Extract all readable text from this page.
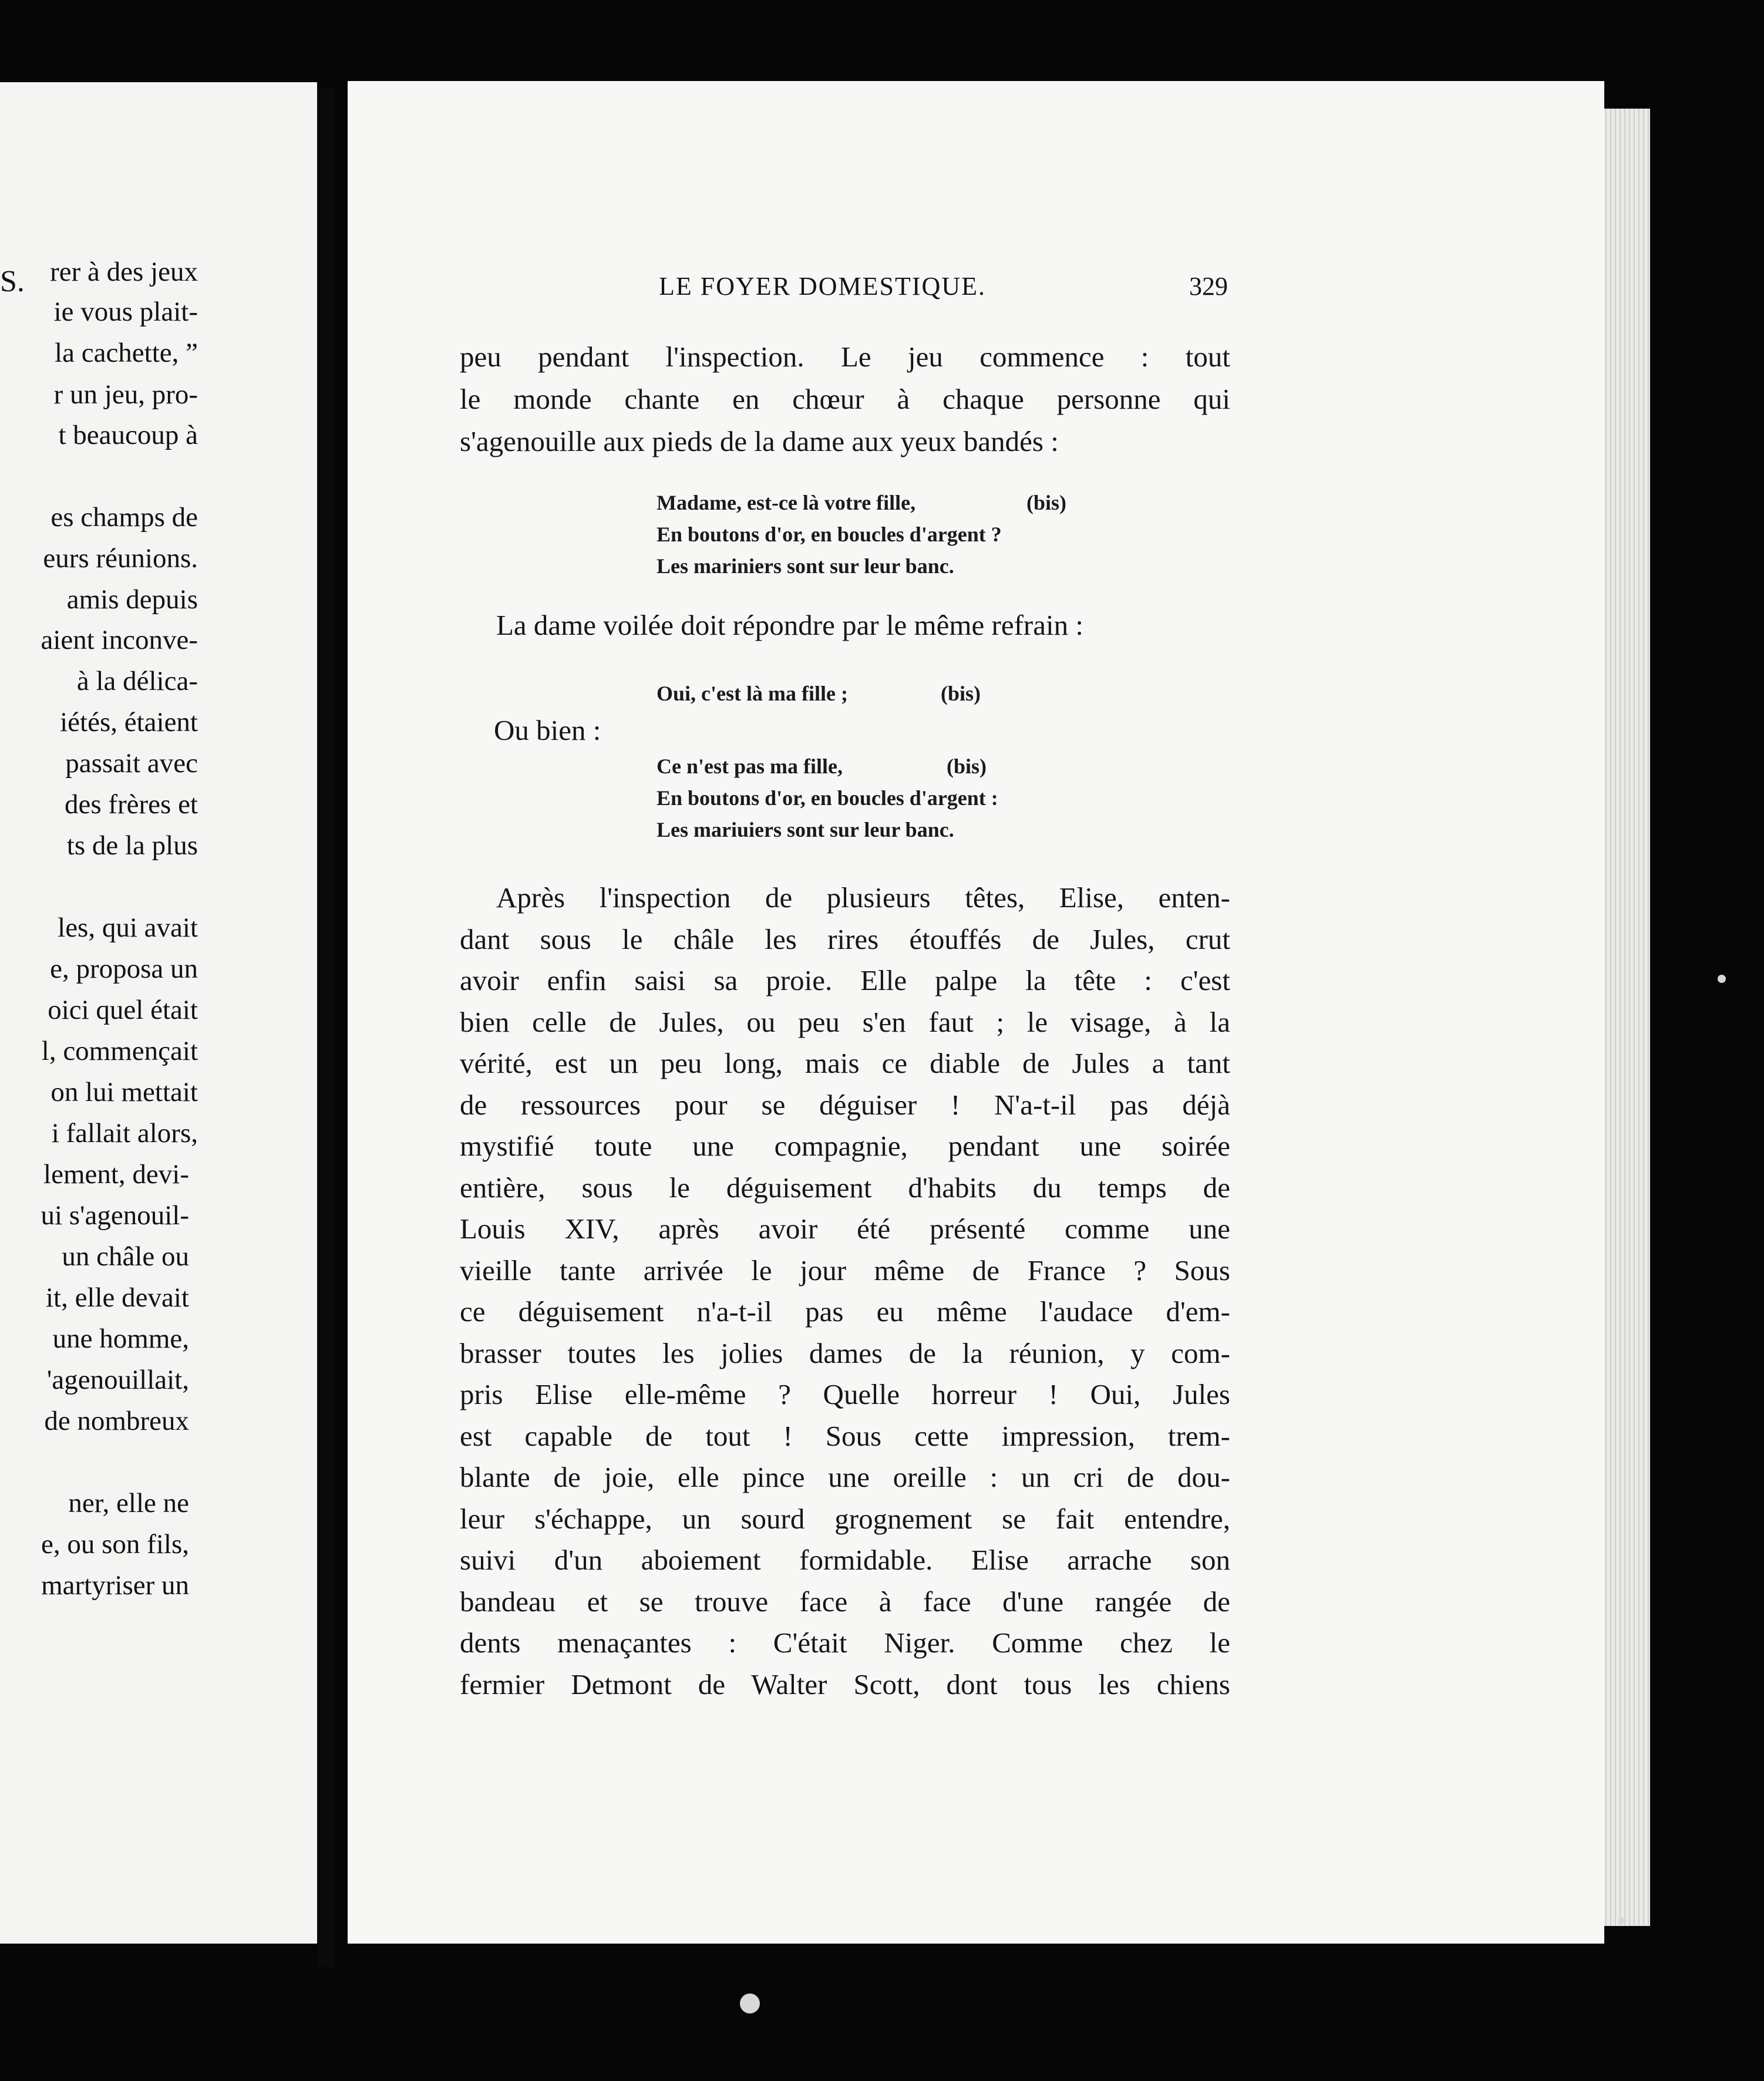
S. rer à des jeux
ie vous plait-
la cachette, ”
r un jeu, pro-
t beaucoup à
es champs de
eurs réunions.
amis depuis
aient inconve-
à la délica-
iétés, étaient
passait avec
des frères et
ts de la plus
les, qui avait
e, proposa un
oici quel était
l, commençait
on lui mettait
i fallait alors,
lement, devi-
ui s'agenouil-
un châle ou
it, elle devait
une homme,
'agenouillait,
de nombreux
ner, elle ne
e, ou son fils,
martyriser un
LE FOYER DOMESTIQUE.	329
peu pendant l'inspection. Le jeu commence : tout
le monde chante en chœur à chaque personne qui
s'agenouille aux pieds de la dame aux yeux bandés :
Madame, est-ce là votre fille,
En boutons d'or, en boucles d'argent ?
Les mariniers sont sur leur banc.
(bis)
La dame voilée doit répondre par le même refrain :
Oui, c'est là ma fille ;	(bis)
Ou bien :
Ce n'est pas ma fille,
En boutons d'or, en boucles d'argent :
Les mariuiers sont sur leur banc.
(bis)
Après l'inspection de plusieurs têtes, Elise, enten-
dant sous le châle les rires étouffés de Jules, crut
avoir enfin saisi sa proie. Elle palpe la tête : c'est
bien celle de Jules, ou peu s'en faut ; le visage, à la
vérité, est un peu long, mais ce diable de Jules a tant
de ressources pour se déguiser ! N'a-t-il pas déjà
mystifié toute une compagnie, pendant une soirée
entière, sous le déguisement d'habits du temps de
Louis XIV, après avoir été présenté comme une
vieille tante arrivée le jour même de France ? Sous
ce déguisement n'a-t-il pas eu même l'audace d'em-
brasser toutes les jolies dames de la réunion, y com-
pris Elise elle-même ? Quelle horreur ! Oui, Jules
est capable de tout ! Sous cette impression, trem-
blante de joie, elle pince une oreille : un cri de dou-
leur s'échappe, un sourd grognement se fait entendre,
suivi d'un aboiement formidable. Elise arrache son
bandeau et se trouve face à face d'une rangée de
dents menaçantes : C'était Niger. Comme chez le
fermier Detmont de Walter Scott, dont tous les chiens
